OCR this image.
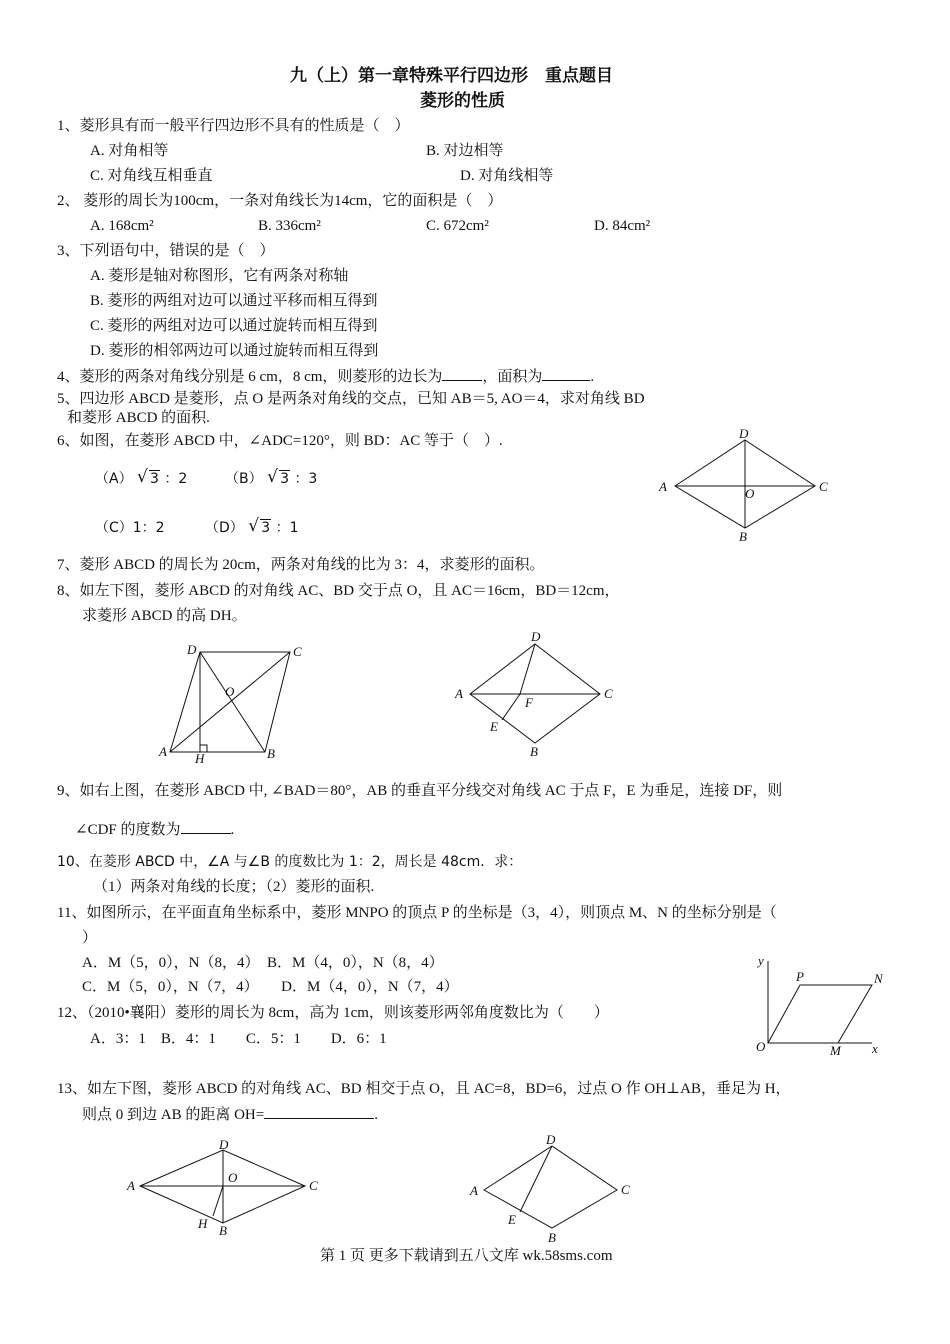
九（上）第一章特殊平行四边形　重点题目
菱形的性质
1、菱形具有而一般平行四边形不具有的性质是（　）
A. 对角相等	B. 对边相等
C. 对角线互相垂直	D. 对角线相等
2、 菱形的周长为100cm，一条对角线长为14cm，它的面积是（　）
A. 168cm²	B. 336cm²	C. 672cm²	D. 84cm²
3、下列语句中，错误的是（　）
A. 菱形是轴对称图形，它有两条对称轴
B. 菱形的两组对边可以通过平移而相互得到
C. 菱形的两组对边可以通过旋转而相互得到
D. 菱形的相邻两边可以通过旋转而相互得到
4、菱形的两条对角线分别是 6 cm，8 cm，则菱形的边长为	，面积为	.
5、四边形 ABCD 是菱形，点 O 是两条对角线的交点，已知 AB＝5, AO＝4，求对角线 BD
和菱形 ABCD 的面积.
6、如图，在菱形 ABCD 中，∠ADC=120°，则 BD：AC 等于（　）.
（A） √ 3 ：2	（B） √ 3 ：3
（C）1：2	（D） √ 3 ：1
A
B
C
D
O
7、菱形 ABCD 的周长为 20cm，两条对角线的比为 3：4，求菱形的面积。
8、如左下图，菱形 ABCD 的对角线 AC、BD 交于点 O，且 AC＝16cm，BD＝12cm，
求菱形 ABCD 的高 DH。
D	C
O
A H	B
D
A	C
F
E
B
9、如右上图，在菱形 ABCD 中, ∠BAD＝80°，AB 的垂直平分线交对角线 AC 于点 F，E 为垂足，连接 DF，则
∠CDF 的度数为	.
10、在菱形 ABCD 中，∠A 与∠B 的度数比为 1：2，周长是 48cm．求：
（1）两条对角线的长度；（2）菱形的面积.
11、如图所示，在平面直角坐标系中，菱形 MNPO 的顶点 P 的坐标是（3，4），则顶点 M、N 的坐标分别是（
）
A．M（5，0），N（8，4）　B．M（4，0），N（8，4）
C．M（5，0），N（7，4）　　D．M（4，0），N（7，4）
y
x
O
P	N
M
12、（2010•襄阳）菱形的周长为 8cm，高为 1cm，则该菱形两邻角度数比为（　　）
A．3：1　B．4：1　　C．5：1　　D．6：1
13、如左下图，菱形 ABCD 的对角线 AC、BD 相交于点 O，且 AC=8，BD=6，过点 O 作 OH⊥AB，垂足为 H，
则点 0 到边 AB 的距离 OH=	.
D
A
O
C
H B
D
A	C
E
B
第 1 页 更多下载请到五八文库 wk.58sms.com
